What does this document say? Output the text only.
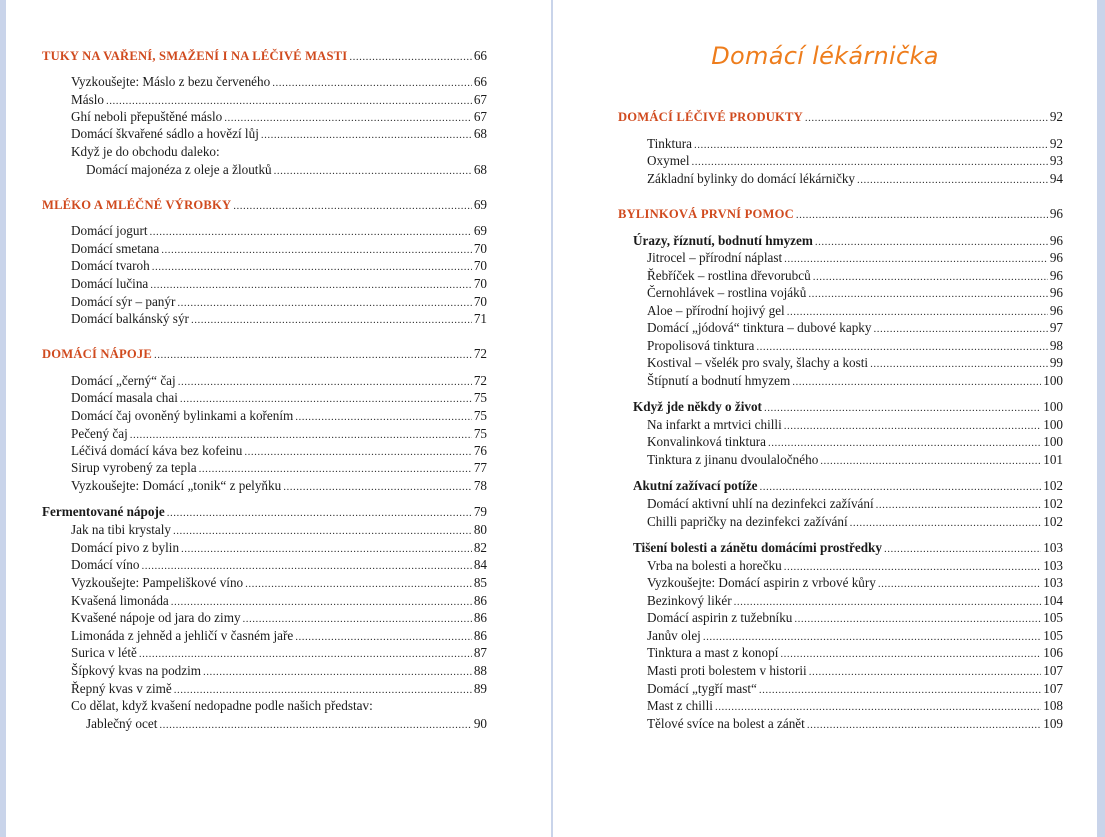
TUKY NA VAŘENÍ, SMAŽENÍ I NA LÉČIVÉ MASTI .....	66
Vyzkoušejte: Máslo z bezu červeného .....	66
Máslo .....	67
Ghí neboli přepuštěné máslo .....	67
Domácí škvařené sádlo a hovězí lůj .....	68
Když je do obchodu daleko:
Domácí majonéza z oleje a žloutků .....	68
MLÉKO A MLÉČNÉ VÝROBKY .....	69
Domácí jogurt .....	69
Domácí smetana .....	70
Domácí tvaroh .....	70
Domácí lučina .....	70
Domácí sýr – panýr .....	70
Domácí balkánský sýr .....	71
DOMÁCÍ NÁPOJE .....	72
Domácí „černý“ čaj .....	72
Domácí masala chai .....	75
Domácí čaj ovoněný bylinkami a kořením .....	75
Pečený čaj .....	75
Léčivá domácí káva bez kofeinu .....	76
Sirup vyrobený za tepla .....	77
Vyzkoušejte: Domácí „tonik“ z pelyňku .....	78
Fermentované nápoje .....	79
Jak na tibi krystaly .....	80
Domácí pivo z bylin .....	82
Domácí víno .....	84
Vyzkoušejte: Pampeliškové víno .....	85
Kvašená limonáda .....	86
Kvašené nápoje od jara do zimy .....	86
Limonáda z jehněd a jehličí v časném jaře .....	86
Surica v létě .....	87
Šípkový kvas na podzim .....	88
Řepný kvas v zimě .....	89
Co dělat, když kvašení nedopadne podle našich představ:
Jablečný ocet .....	90
Domácí lékárnička
DOMÁCÍ LÉČIVÉ PRODUKTY .....	92
Tinktura .....	92
Oxymel .....	93
Základní bylinky do domácí lékárničky .....	94
BYLINKOVÁ PRVNÍ POMOC .....	96
Úrazy, říznutí, bodnutí hmyzem .....	96
Jitrocel – přírodní náplast .....	96
Řebříček – rostlina dřevorubců .....	96
Černohlávek – rostlina vojáků .....	96
Aloe – přírodní hojivý gel .....	96
Domácí „jódová“ tinktura – dubové kapky .....	97
Propolisová tinktura .....	98
Kostival – všelék pro svaly, šlachy a kosti .....	99
Štípnutí a bodnutí hmyzem .....	100
Když jde někdy o život .....	100
Na infarkt a mrtvici chilli .....	100
Konvalinková tinktura .....	100
Tinktura z jinanu dvoulaločného .....	101
Akutní zažívací potíže .....	102
Domácí aktivní uhlí na dezinfekci zažívání .....	102
Chilli papričky na dezinfekci zažívání .....	102
Tišení bolesti a zánětu domácími prostředky .....	103
Vrba na bolesti a horečku .....	103
Vyzkoušejte: Domácí aspirin z vrbové kůry .....	103
Bezinkový likér .....	104
Domácí aspirin z tužebníku .....	105
Janův olej .....	105
Tinktura a mast z konopí .....	106
Masti proti bolestem v historii .....	107
Domácí „tygří mast“ .....	107
Mast z chilli .....	108
Tělové svíce na bolest a zánět .....	109
